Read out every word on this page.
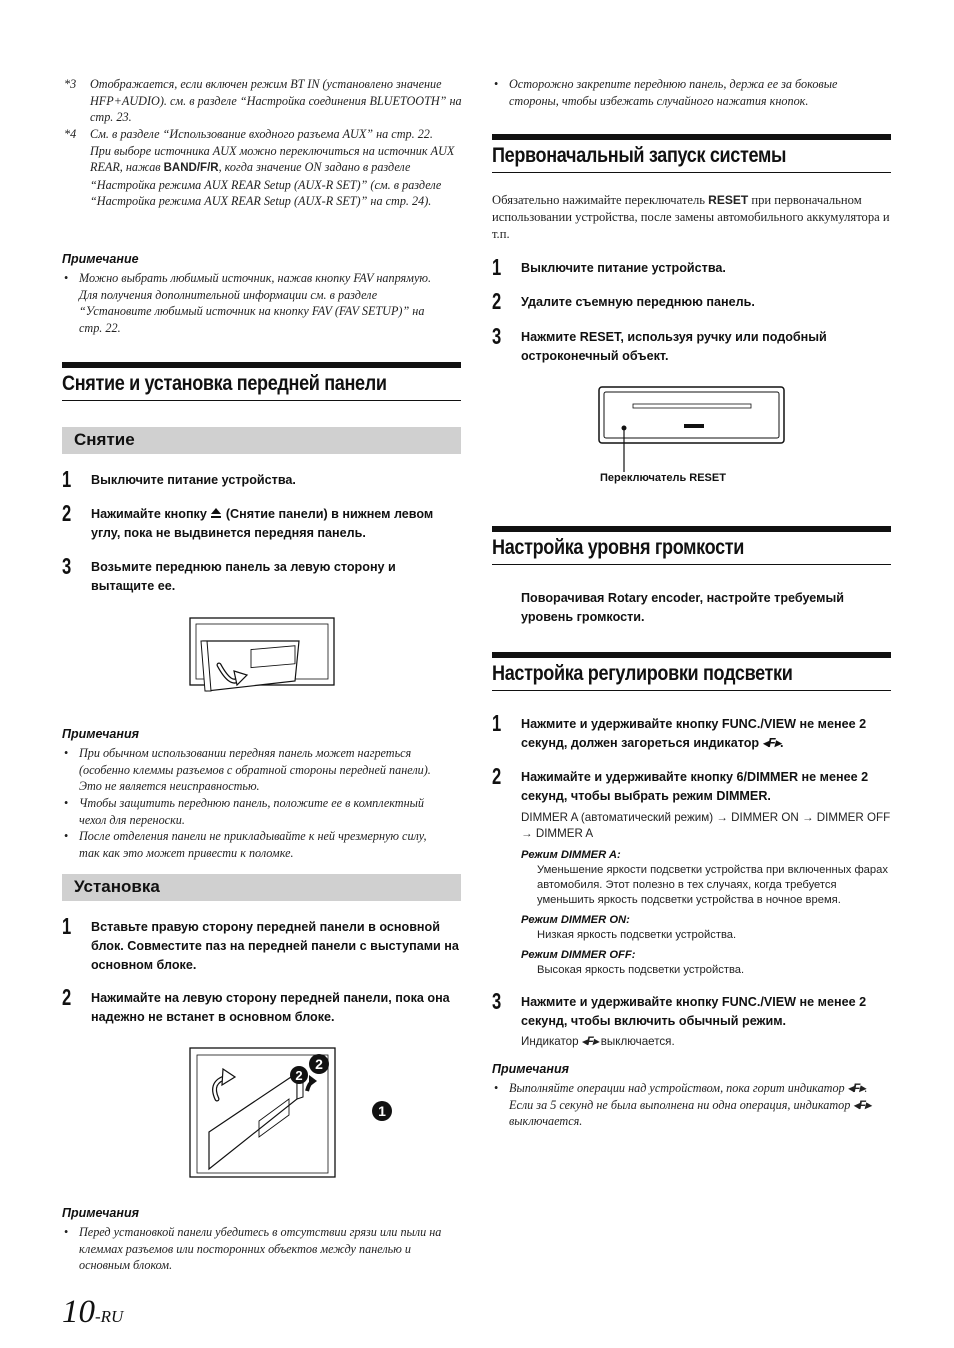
*3 Отображается, если включен режим BT IN (установлено значение HFP+AUDIO). см. в разделе “Настройка соединения BLUETOOTH” на стр. 23.
*4 См. в разделе “Использование входного разъема AUX” на стр. 22.
При выборе источника AUX можно переключиться на источник AUX REAR, нажав BAND/F/R, когда значение ON задано в разделе “Настройка режима AUX REAR Setup (AUX-R SET)” (см. в разделе “Настройка режима AUX REAR Setup (AUX-R SET)” на стр. 24).
Примечание
• Можно выбрать любимый источник, нажав кнопку FAV напрямую. Для получения дополнительной информации см. в разделе “Установите любимый источник на кнопку FAV (FAV SETUP)” на стр. 22.
Снятие и установка передней панели
Снятие
1 Выключите питание устройства.
2 Нажимайте кнопку  (Снятие панели) в нижнем левом углу, пока не выдвинется передняя панель.
3 Возьмите переднюю панель за левую сторону и вытащите ее.
Примечания
• При обычном использовании передняя панель может нагреться (особенно клеммы разъемов с обратной стороны передней панели). Это не является неисправностью.
• Чтобы защитить переднюю панель, положите ее в комплектный чехол для переноски.
• После отделения панели не прикладывайте к ней чрезмерную силу, так как это может привести к поломке.
Установка
1 Вставьте правую сторону передней панели в основной блок. Совместите паз на передней панели с выступами на основном блоке.
2 Нажимайте на левую сторону передней панели, пока она надежно не встанет в основном блоке.
2
2
1
Примечания
• Перед установкой панели убедитесь в отсутствии грязи или пыли на клеммах разъемов или посторонних объектов между панелью и основным блоком.
10-RU
• Осторожно закрепите переднюю панель, держа ее за боковые стороны, чтобы избежать случайного нажатия кнопок.
Первоначальный запуск системы
Обязательно нажимайте переключатель RESET при первоначальном использовании устройства, после замены автомобильного аккумулятора и т.п.
1 Выключите питание устройства.
2 Удалите съемную переднюю панель.
3 Нажмите RESET, используя ручку или подобный остроконечный объект.
Переключатель RESET
Настройка уровня громкости
Поворачивая Rotary encoder, настройте требуемый уровень громкости.
Настройка регулировки подсветки
1 Нажмите и удерживайте кнопку FUNC./VIEW не менее 2 секунд, должен загореться индикатор ◂F▸.
2 Нажимайте и удерживайте кнопку 6/DIMMER не менее 2 секунд, чтобы выбрать режим DIMMER.
DIMMER A (автоматический режим) → DIMMER ON → DIMMER OFF → DIMMER A
Режим DIMMER A:
Уменьшение яркости подсветки устройства при включенных фарах автомобиля. Этот полезно в тех случаях, когда требуется уменьшить яркость подсветки устройства в ночное время.
Режим DIMMER ON:
Низкая яркость подсветки устройства.
Режим DIMMER OFF:
Высокая яркость подсветки устройства.
3 Нажмите и удерживайте кнопку FUNC./VIEW не менее 2 секунд, чтобы включить обычный режим.
Индикатор ◂F▸ выключается.
Примечания
• Выполняйте операции над устройством, пока горит индикатор ◂F▸. Если за 5 секунд не была выполнена ни одна операция, индикатор ◂F▸ выключается.
